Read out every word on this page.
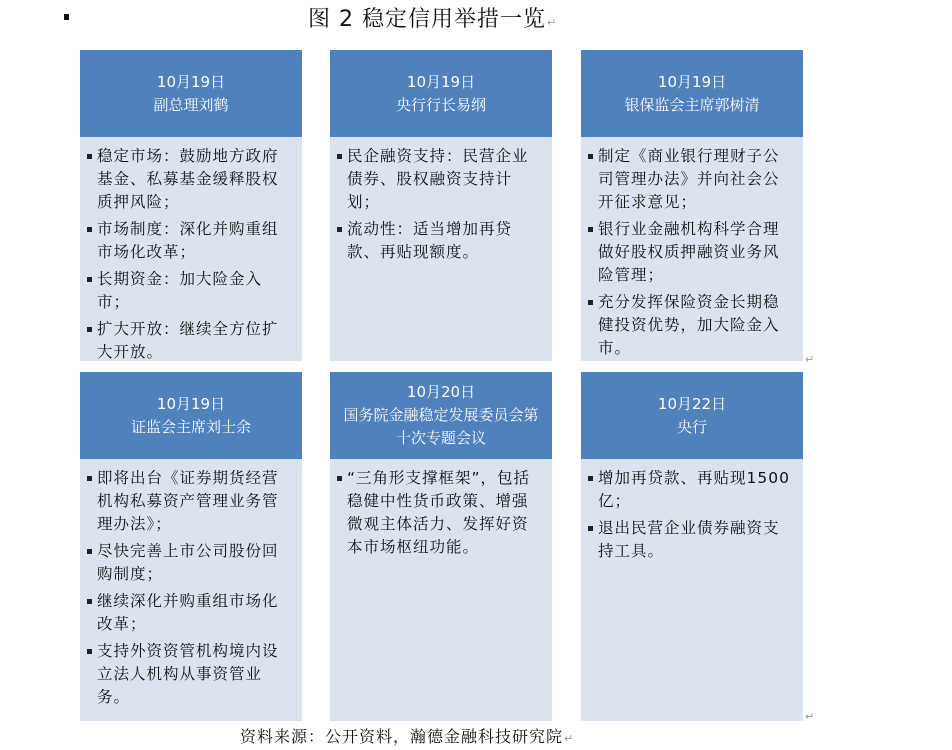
图 2 稳定信用举措一览↵
10月19日
副总理刘鹤
稳定市场：鼓励地方政府基金、私募基金缓释股权质押风险；
市场制度：深化并购重组市场化改革；
长期资金：加大险金入市；
扩大开放：继续全方位扩大开放。
10月19日
央行行长易纲
民企融资支持：民营企业债券、股权融资支持计划；
流动性：适当增加再贷款、再贴现额度。
10月19日
银保监会主席郭树清
制定《商业银行理财子公司管理办法》并向社会公开征求意见；
银行业金融机构科学合理做好股权质押融资业务风险管理；
充分发挥保险资金长期稳健投资优势，加大险金入市。
↵
10月19日
证监会主席刘士余
即将出台《证券期货经营机构私募资产管理业务管理办法》；
尽快完善上市公司股份回购制度；
继续深化并购重组市场化改革；
支持外资资管机构境内设立法人机构从事资管业务。
10月20日
国务院金融稳定发展委员会第十次专题会议
“三角形支撑框架”，包括稳健中性货币政策、增强微观主体活力、发挥好资本市场枢纽功能。
10月22日
央行
增加再贷款、再贴现1500亿；
退出民营企业债券融资支持工具。
↵
资料来源：公开资料，瀚德金融科技研究院↵
